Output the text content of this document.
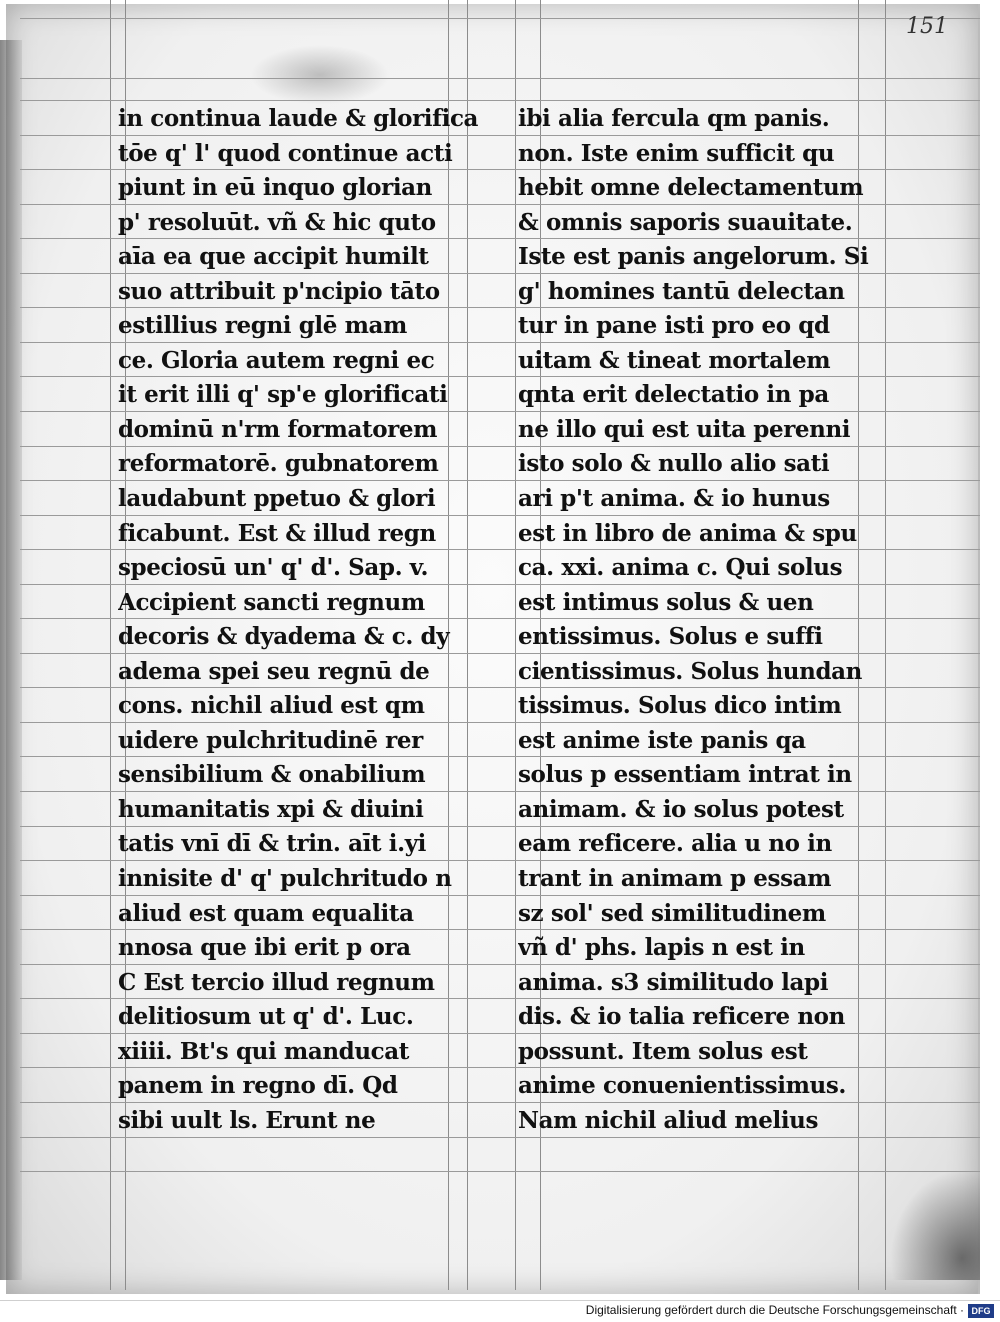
151
in continua laude & glorifica
tōe q' l' quod continue acti
piunt in eū inquo glorian
p' resoluūt. vñ & hic quto
aīa ea que accipit humilt
suo attribuit p'ncipio tāto
estillius regni glē mam
ce. Gloria autem regni ec
it erit illi q' sp'e glorificati
dominū n'rm formatorem
reformatorē. gubnatorem
laudabunt ppetuo & glori
ficabunt. Est & illud regn
speciosū un' q' d'. Sap. v.
Accipient sancti regnum
decoris & dyadema & c. dy
adema spei seu regnū de
cons. nichil aliud est qm
uidere pulchritudinē rer
sensibilium & onabilium
humanitatis xpi & diuini
tatis vnī dī & trin. aīt i.yi
innisite d' q' pulchritudo n
aliud est quam equalita
nnosa que ibi erit p ora
C Est tercio illud regnum
delitiosum ut q' d'. Luc.
xiiii. Bt's qui manducat
panem in regno dī. Qd
sibi uult ls. Erunt ne
ibi alia fercula qm panis.
non. Iste enim sufficit qu
hebit omne delectamentum
& omnis saporis suauitate.
Iste est panis angelorum. Si
g' homines tantū delectan
tur in pane isti pro eo qd
uitam & tineat mortalem
qnta erit delectatio in pa
ne illo qui est uita perenni
isto solo & nullo alio sati
ari p't anima. & io hunus
est in libro de anima & spu
ca. xxi. anima c. Qui solus
est intimus solus & uen
entissimus. Solus e suffi
cientissimus. Solus hundan
tissimus. Solus dico intim
est anime iste panis qa
solus p essentiam intrat in
animam. & io solus potest
eam reficere. alia u no in
trant in animam p essam
sz sol' sed similitudinem
vñ d' phs. lapis n est in
anima. s3 similitudo lapi
dis. & io talia reficere non
possunt. Item solus est
anime conuenientissimus.
Nam nichil aliud melius
Digitalisierung gefördert durch die Deutsche Forschungsgemeinschaft · DFG
